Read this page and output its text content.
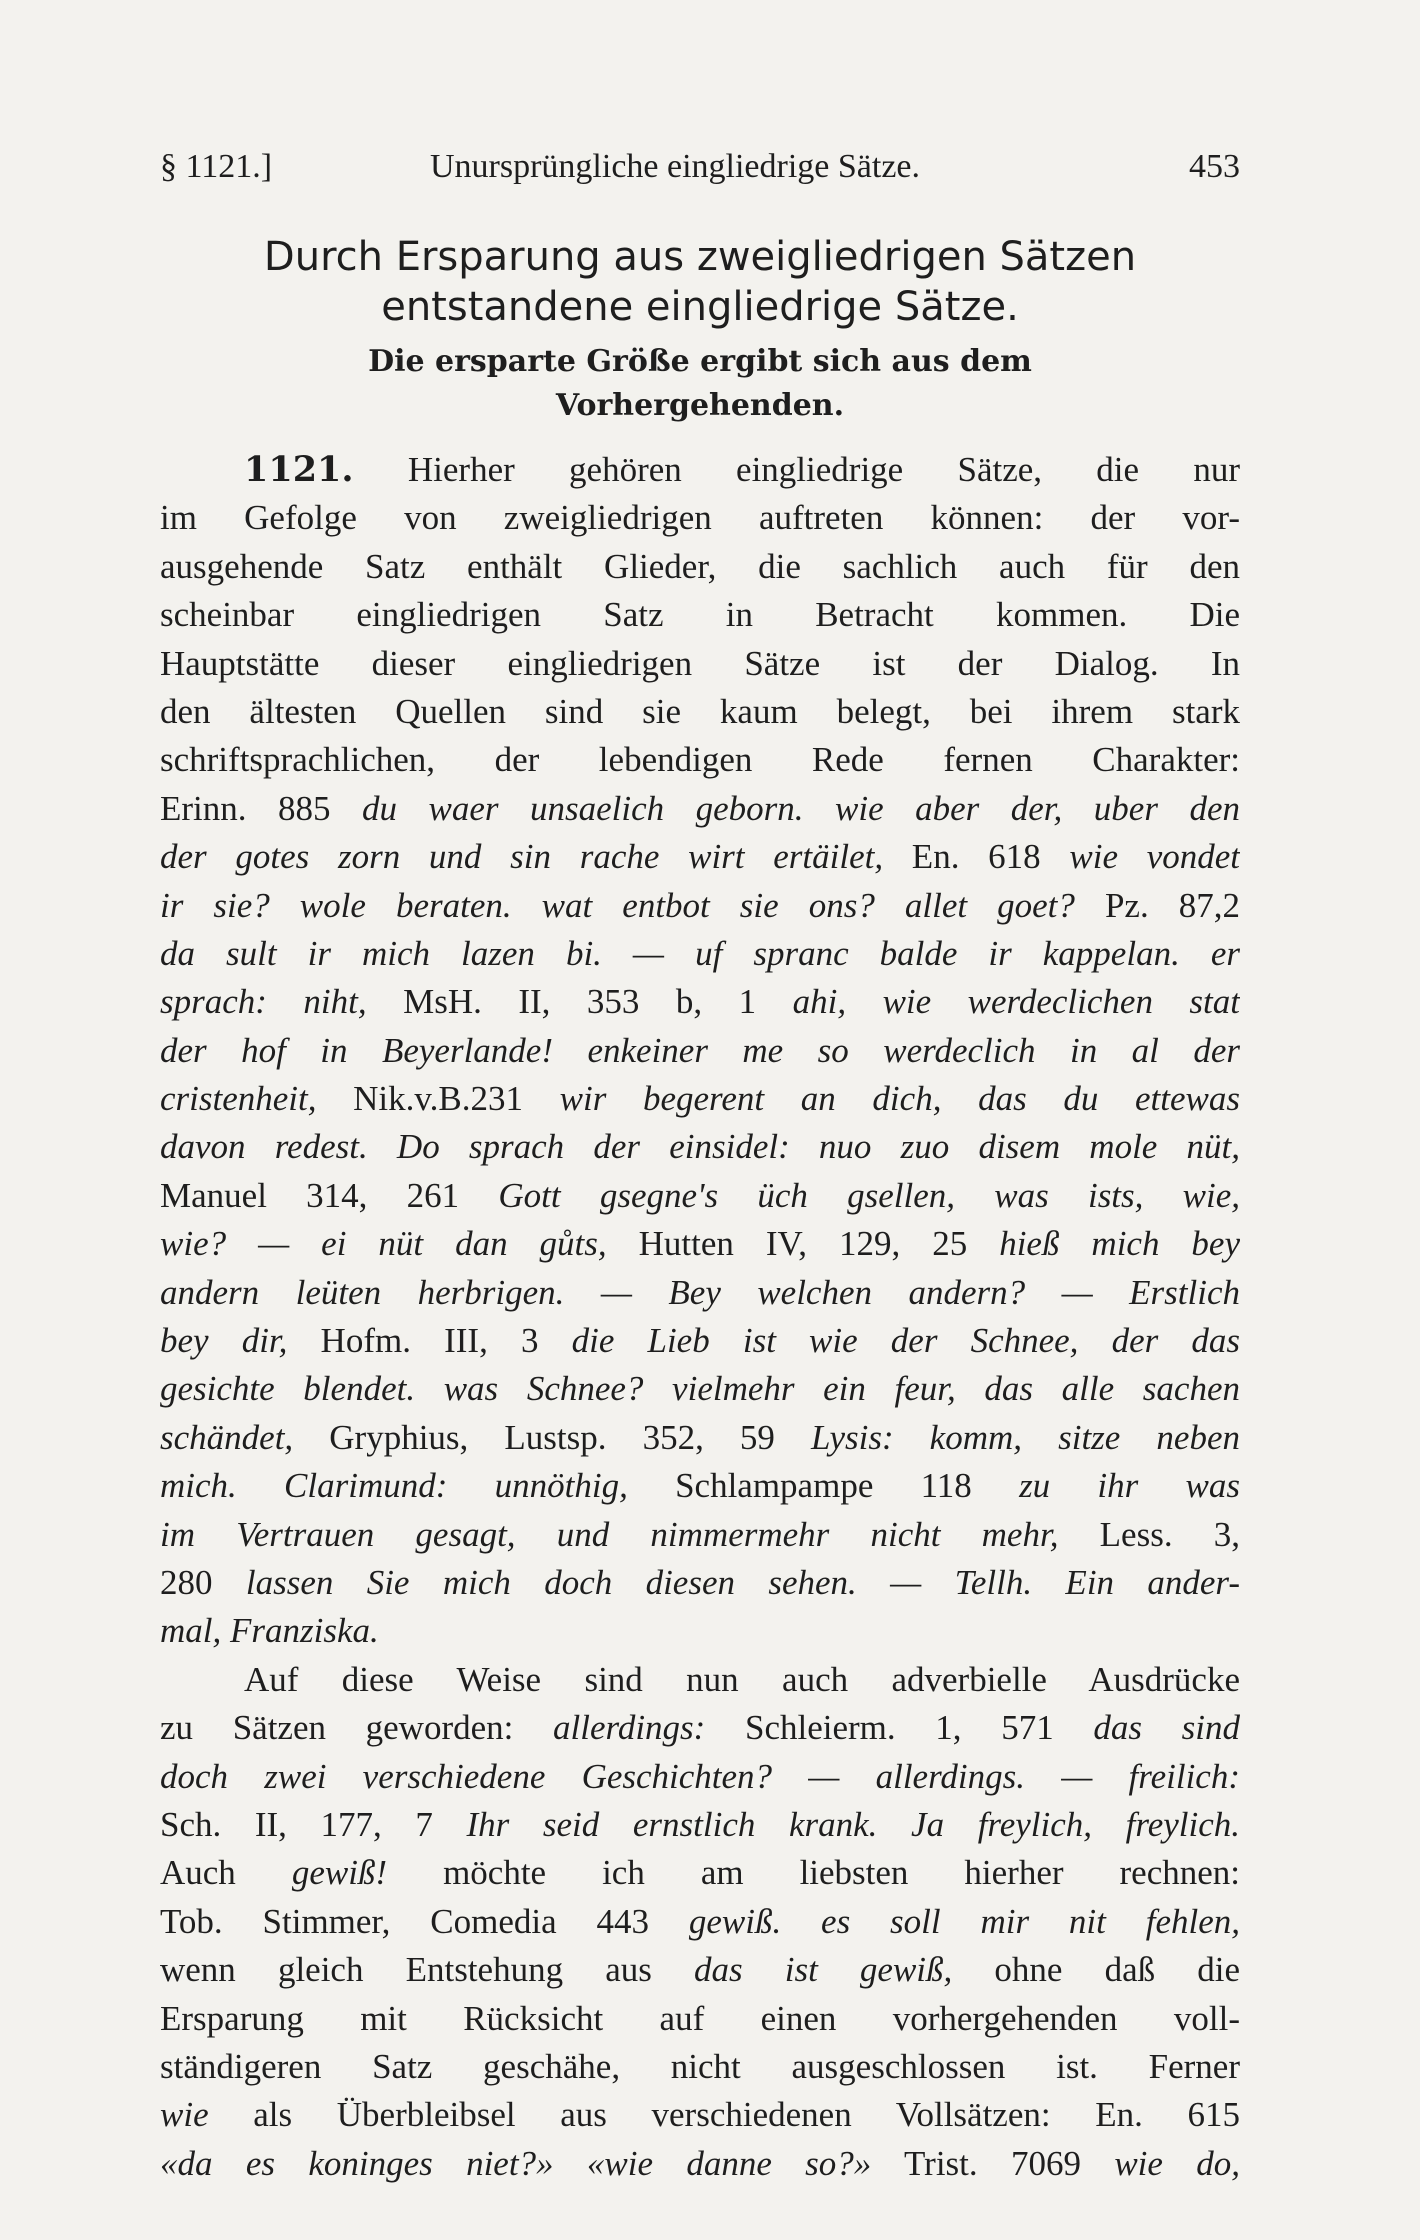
§ 1121.]	Unursprüngliche eingliedrige Sätze.	453
Durch Ersparung aus zweigliedrigen Sätzen
entstandene eingliedrige Sätze.
Die ersparte Größe ergibt sich aus dem
Vorhergehenden.
1121. Hierher gehören eingliedrige Sätze, die nur
im Gefolge von zweigliedrigen auftreten können: der vor-
ausgehende Satz enthält Glieder, die sachlich auch für den
scheinbar eingliedrigen Satz in Betracht kommen. Die
Hauptstätte dieser eingliedrigen Sätze ist der Dialog. In
den ältesten Quellen sind sie kaum belegt, bei ihrem stark
schriftsprachlichen, der lebendigen Rede fernen Charakter:
Erinn. 885 du waer unsaelich geborn. wie aber der, uber den
der gotes zorn und sin rache wirt ertäilet, En. 618 wie vondet
ir sie? wole beraten. wat entbot sie ons? allet goet? Pz. 87,2
da sult ir mich lazen bi. — uf spranc balde ir kappelan. er
sprach: niht, MsH. II, 353 b, 1 ahi, wie werdeclichen stat
der hof in Beyerlande! enkeiner me so werdeclich in al der
cristenheit, Nik.v.B.231 wir begerent an dich, das du ettewas
davon redest. Do sprach der einsidel: nuo zuo disem mole nüt,
Manuel 314, 261 Gott gsegne's üch gsellen, was ists, wie,
wie? — ei nüt dan gůts, Hutten IV, 129, 25 hieß mich bey
andern leüten herbrigen. — Bey welchen andern? — Erstlich
bey dir, Hofm. III, 3 die Lieb ist wie der Schnee, der das
gesichte blendet. was Schnee? vielmehr ein feur, das alle sachen
schändet, Gryphius, Lustsp. 352, 59 Lysis: komm, sitze neben
mich. Clarimund: unnöthig, Schlampampe 118 zu ihr was
im Vertrauen gesagt, und nimmermehr nicht mehr, Less. 3,
280 lassen Sie mich doch diesen sehen. — Tellh. Ein ander-
mal, Franziska.
Auf diese Weise sind nun auch adverbielle Ausdrücke
zu Sätzen geworden: allerdings: Schleierm. 1, 571 das sind
doch zwei verschiedene Geschichten? — allerdings. — freilich:
Sch. II, 177, 7 Ihr seid ernstlich krank. Ja freylich, freylich.
Auch gewiß! möchte ich am liebsten hierher rechnen:
Tob. Stimmer, Comedia 443 gewiß. es soll mir nit fehlen,
wenn gleich Entstehung aus das ist gewiß, ohne daß die
Ersparung mit Rücksicht auf einen vorhergehenden voll-
ständigeren Satz geschähe, nicht ausgeschlossen ist. Ferner
wie als Überbleibsel aus verschiedenen Vollsätzen: En. 615
«da es koninges niet?» «wie danne so?» Trist. 7069 wie do,
